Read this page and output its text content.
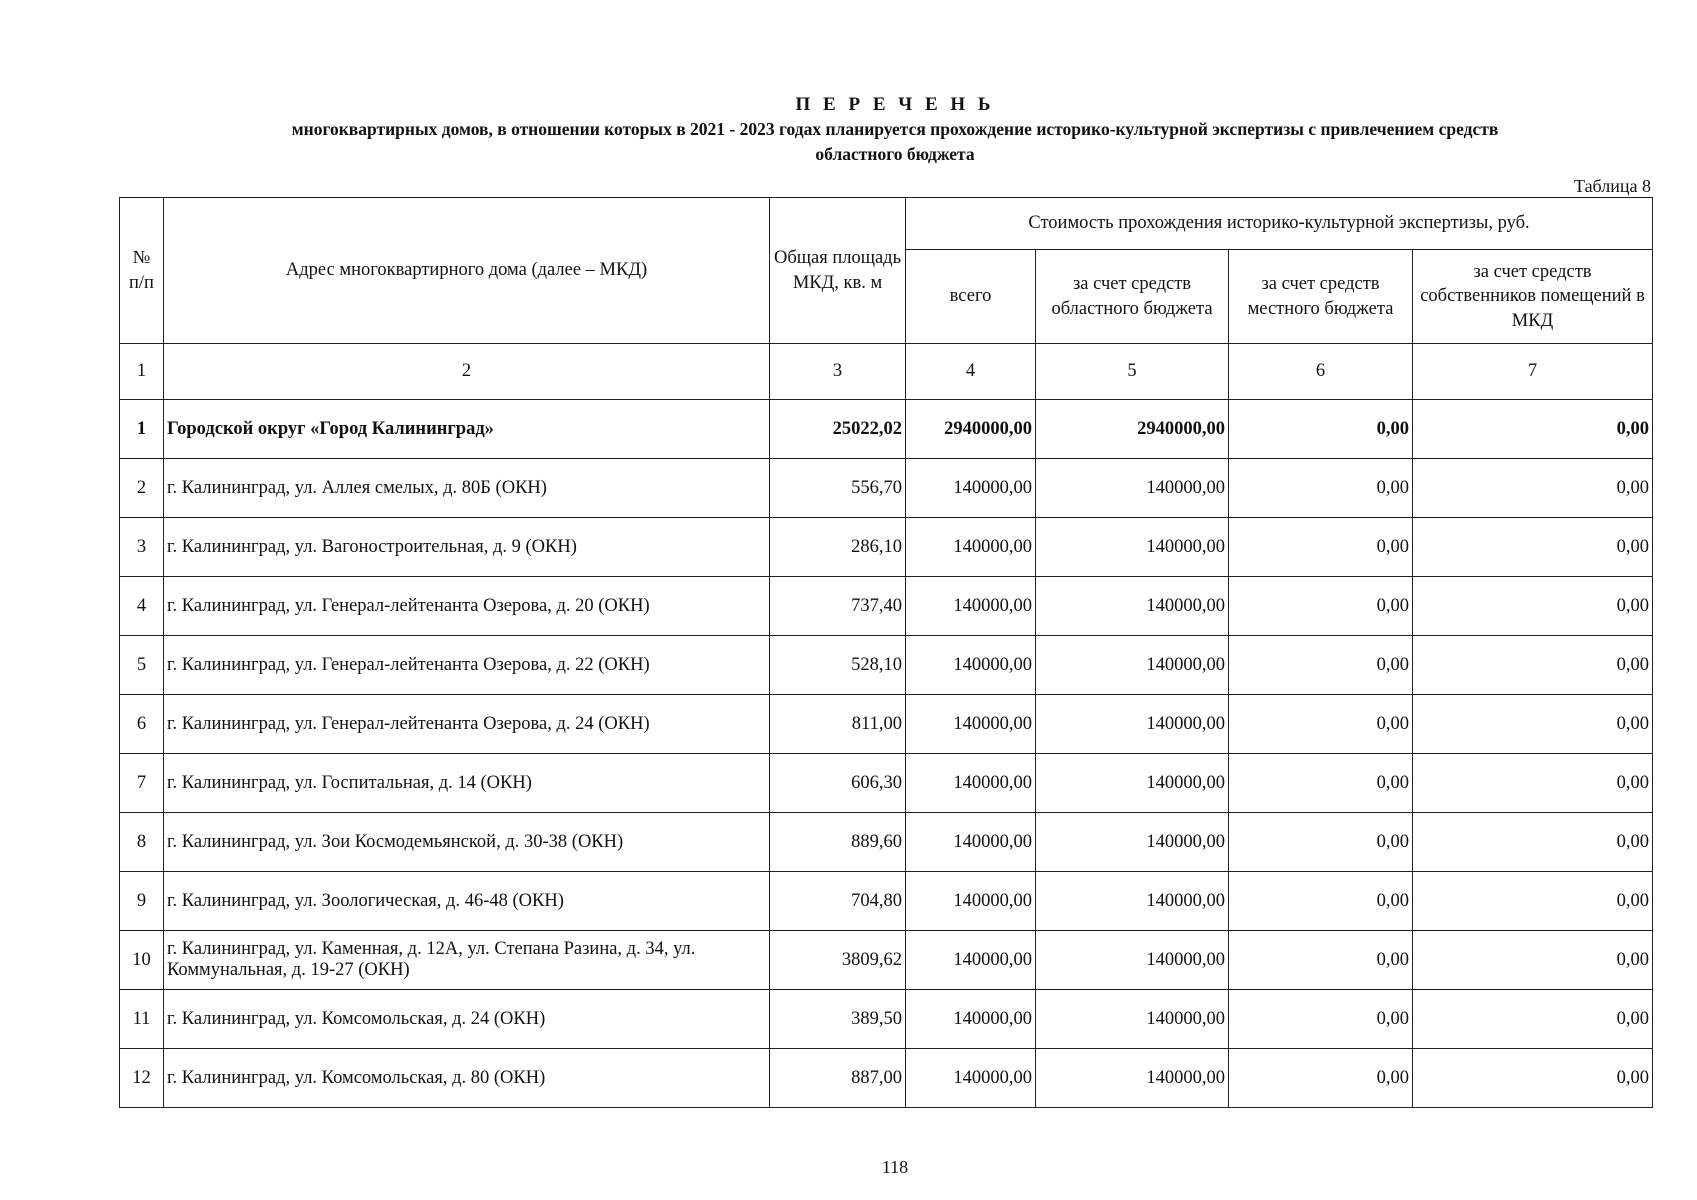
П Е Р Е Ч Е Н Ь
многоквартирных домов, в отношении которых в 2021 - 2023 годах планируется прохождение историко-культурной экспертизы с привлечением средств
областного бюджета
Таблица 8
№ п/п	Адрес многоквартирного дома (далее – МКД)	Общая площадь МКД, кв. м	Стоимость прохождения историко-культурной экспертизы, руб.			
			всего	за счет средств областного бюджета	за счет средств местного бюджета	за счет средств собственников помещений в МКД
1	2	3	4	5	6	7
1	Городской округ «Город Калининград»	25022,02	2940000,00	2940000,00	0,00	0,00
2	г. Калининград, ул. Аллея смелых, д. 80Б (ОКН)	556,70	140000,00	140000,00	0,00	0,00
3	г. Калининград, ул. Вагоностроительная, д. 9 (ОКН)	286,10	140000,00	140000,00	0,00	0,00
4	г. Калининград, ул. Генерал-лейтенанта Озерова, д. 20 (ОКН)	737,40	140000,00	140000,00	0,00	0,00
5	г. Калининград, ул. Генерал-лейтенанта Озерова, д. 22 (ОКН)	528,10	140000,00	140000,00	0,00	0,00
6	г. Калининград, ул. Генерал-лейтенанта Озерова, д. 24 (ОКН)	811,00	140000,00	140000,00	0,00	0,00
7	г. Калининград, ул. Госпитальная, д. 14 (ОКН)	606,30	140000,00	140000,00	0,00	0,00
8	г. Калининград, ул. Зои Космодемьянской, д. 30-38 (ОКН)	889,60	140000,00	140000,00	0,00	0,00
9	г. Калининград, ул. Зоологическая, д. 46-48 (ОКН)	704,80	140000,00	140000,00	0,00	0,00
10	г. Калининград, ул. Каменная, д. 12А, ул. Степана Разина, д. 34, ул. Коммунальная, д. 19-27 (ОКН)	3809,62	140000,00	140000,00	0,00	0,00
11	г. Калининград, ул. Комсомольская, д. 24 (ОКН)	389,50	140000,00	140000,00	0,00	0,00
12	г. Калининград, ул. Комсомольская, д. 80 (ОКН)	887,00	140000,00	140000,00	0,00	0,00
118
